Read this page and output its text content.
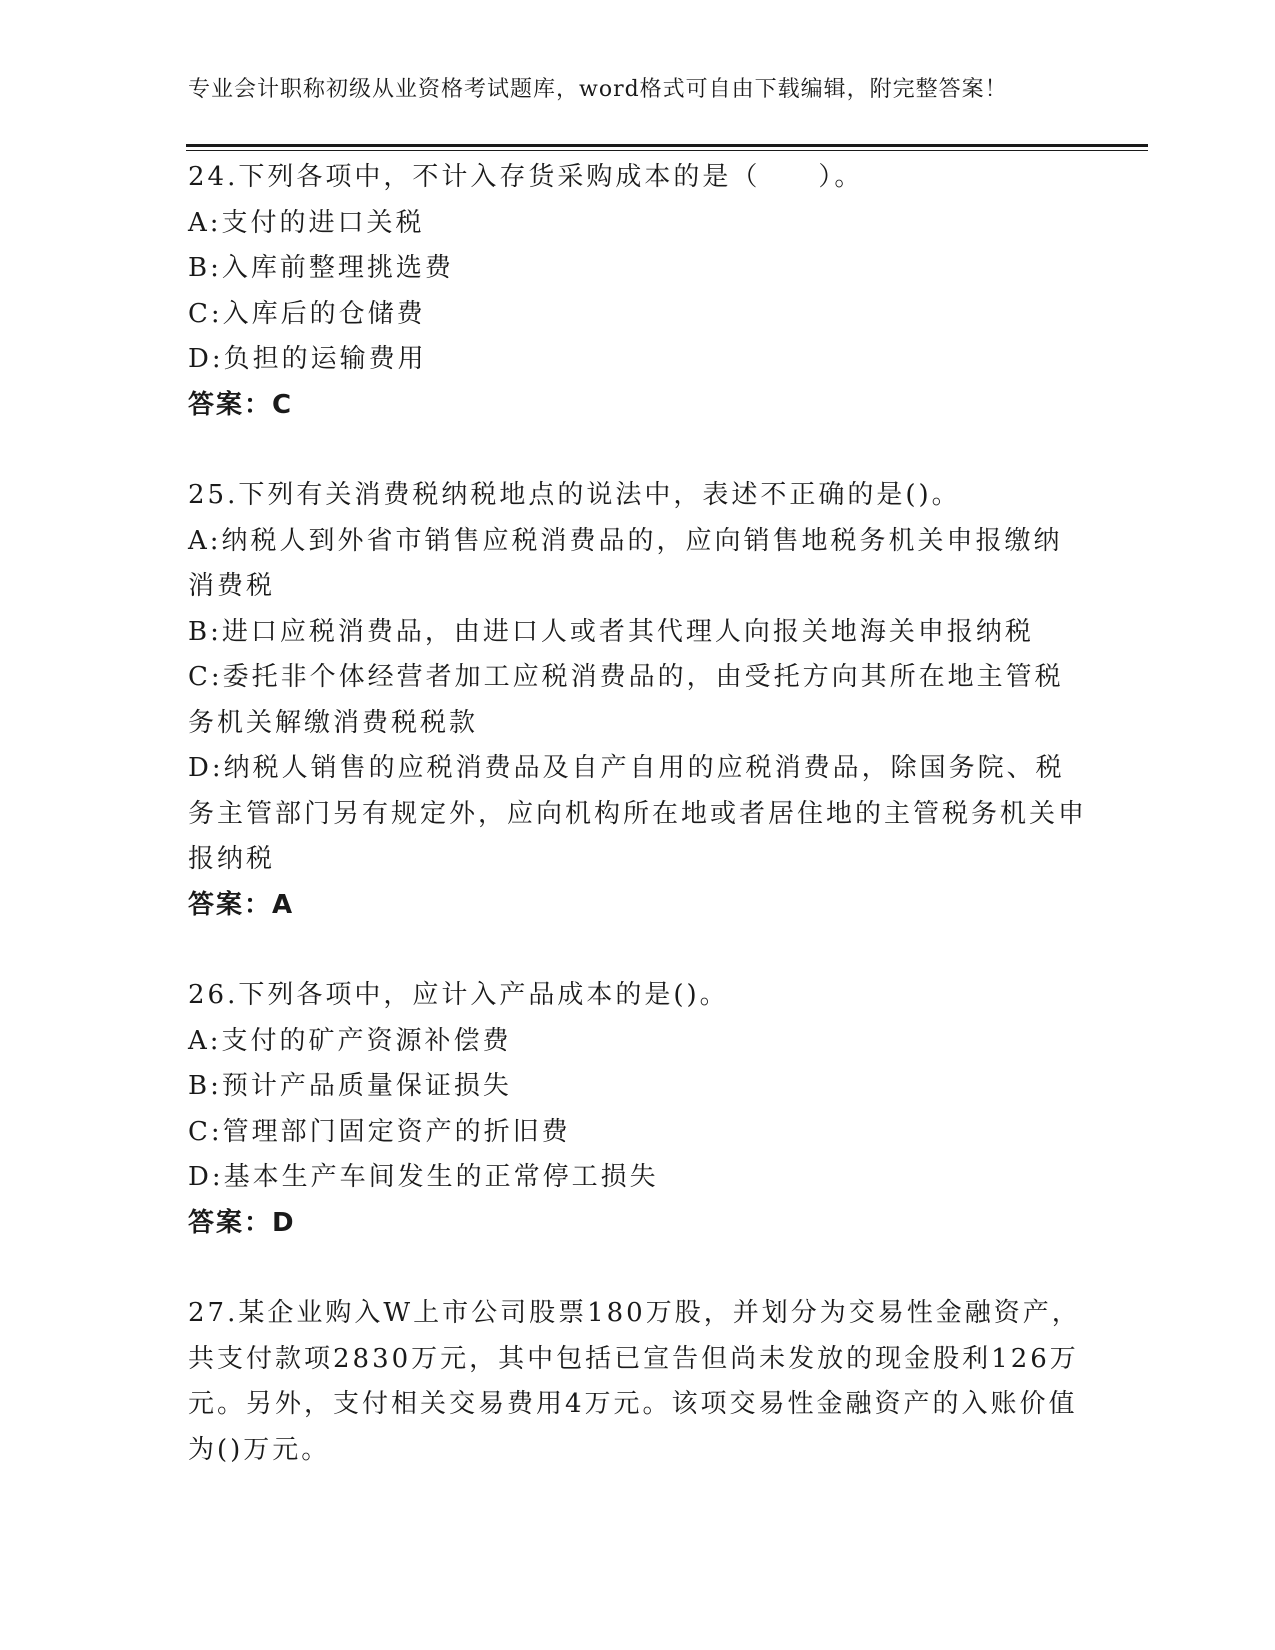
专业会计职称初级从业资格考试题库，word格式可自由下载编辑，附完整答案！
24.下列各项中，不计入存货采购成本的是（　　）。
A:支付的进口关税
B:入库前整理挑选费
C:入库后的仓储费
D:负担的运输费用
答案：C
25.下列有关消费税纳税地点的说法中，表述不正确的是()。
A:纳税人到外省市销售应税消费品的，应向销售地税务机关申报缴纳消费税
B:进口应税消费品，由进口人或者其代理人向报关地海关申报纳税
C:委托非个体经营者加工应税消费品的，由受托方向其所在地主管税务机关解缴消费税税款
D:纳税人销售的应税消费品及自产自用的应税消费品，除国务院、税务主管部门另有规定外，应向机构所在地或者居住地的主管税务机关申报纳税
答案：A
26.下列各项中，应计入产品成本的是()。
A:支付的矿产资源补偿费
B:预计产品质量保证损失
C:管理部门固定资产的折旧费
D:基本生产车间发生的正常停工损失
答案：D
27.某企业购入W上市公司股票180万股，并划分为交易性金融资产，共支付款项2830万元，其中包括已宣告但尚未发放的现金股利126万元。另外，支付相关交易费用4万元。该项交易性金融资产的入账价值为()万元。
